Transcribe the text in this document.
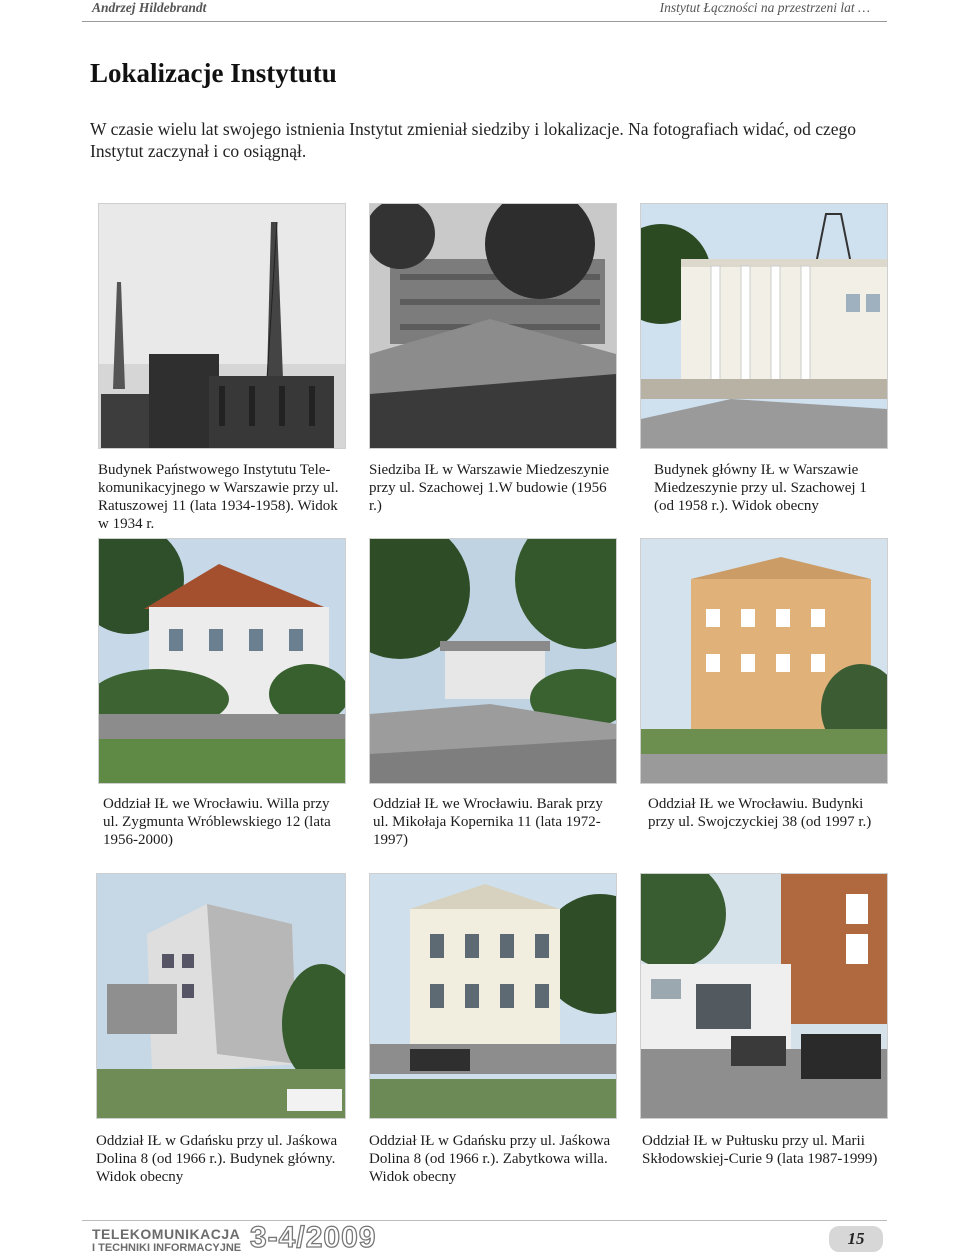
Andrzej Hildebrandt	Instytut Łączności na przestrzeni lat …
Lokalizacje Instytutu

W czasie wielu lat swojego istnienia Instytut zmieniał siedziby i lokalizacje. Na fotografiach widać, od czego Instytut zaczynał i co osiągnął.

Budynek Państwowego Instytutu Tele-komunikacyjnego w Warszawie przy ul. Ratuszowej 11 (lata 1934-1958). Widok w 1934 r.

Siedziba IŁ w Warszawie Miedzeszynie przy ul. Szachowej 1.W budowie (1956 r.)

Budynek główny IŁ w Warszawie Miedzeszynie przy ul. Szachowej 1 (od 1958 r.). Widok obecny

Oddział IŁ we Wrocławiu. Willa przy ul. Zygmunta Wróblewskiego 12 (lata 1956-2000)

Oddział IŁ we Wrocławiu. Barak przy ul. Mikołaja Kopernika 11 (lata 1972-1997)

Oddział IŁ we Wrocławiu. Budynki przy ul. Swojczyckiej 38 (od 1997 r.)

Oddział IŁ w Gdańsku przy ul. Jaśkowa Dolina 8 (od 1966 r.). Budynek główny. Widok obecny

Oddział IŁ w Gdańsku przy ul. Jaśkowa Dolina 8 (od 1966 r.). Zabytkowa willa. Widok obecny

Oddział IŁ w Pułtusku przy ul. Marii Skłodowskiej-Curie 9 (lata 1987-1999)

TELEKOMUNIKACJA
I TECHNIKI INFORMACYJNE 3-4/2009	15
